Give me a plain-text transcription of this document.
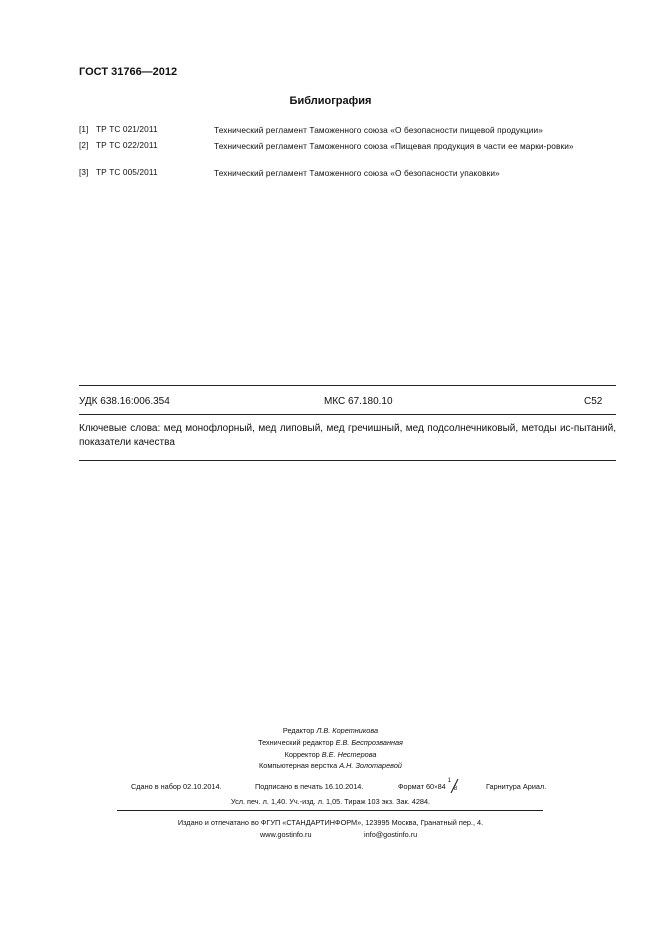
ГОСТ 31766—2012
Библиография
[1] ТР ТС 021/2011	Технический регламент Таможенного союза «О безопасности пищевой продукции»
[2] ТР ТС 022/2011	Технический регламент Таможенного союза «Пищевая продукция в части ее марки-ровки»
[3] ТР ТС 005/2011	Технический регламент Таможенного союза «О безопасности упаковки»
УДК 638.16:006.354	МКС 67.180.10	С52
Ключевые слова: мед монофлорный, мед липовый, мед гречишный, мед подсолнечниковый, методы ис-пытаний, показатели качества
Редактор Л.В. Коретникова
Технический редактор Е.В. Беспрозванная
Корректор В.Е. Нестерова
Компьютерная верстка А.Н. Золотаревой
Сдано в набор 02.10.2014.	Подписано в печать 16.10.2014.	Формат 60×84
1
8	Гарнитура Ариал.
Усл. печ. л. 1,40. Уч.-изд. л. 1,05. Тираж 103 экз. Зак. 4284.
Издано и отпечатано во ФГУП «СТАНДАРТИНФОРМ», 123995 Москва, Гранатный пер., 4.
www.gostinfo.ru	info@gostinfo.ru
